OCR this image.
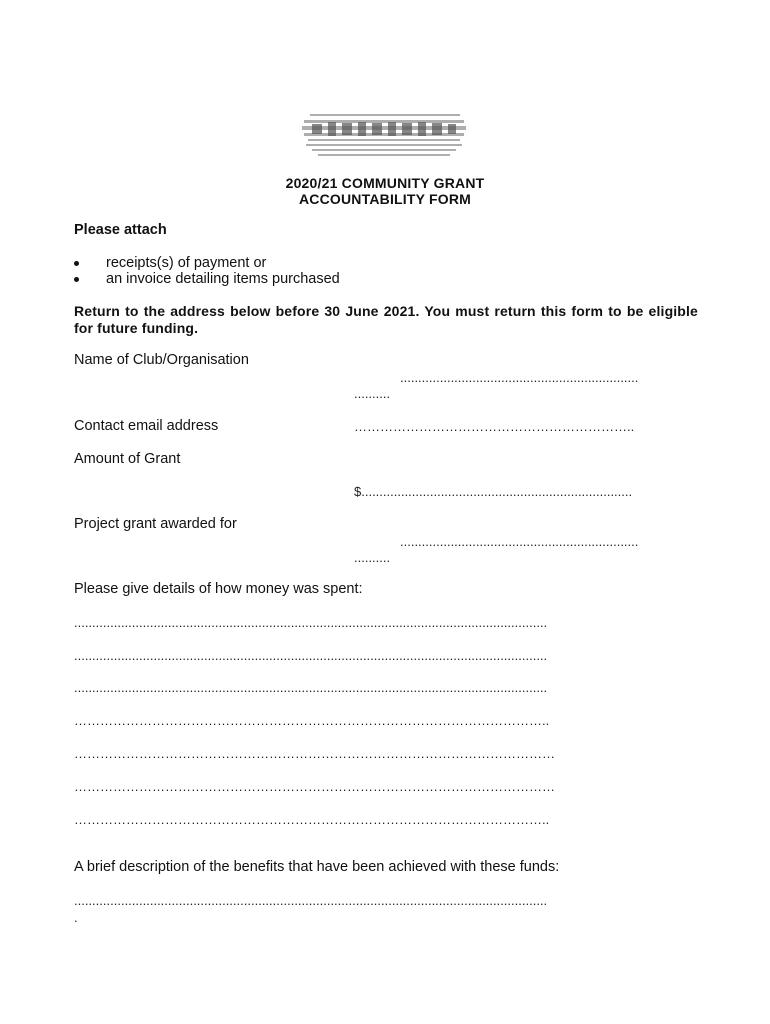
2020/21 COMMUNITY GRANT
ACCOUNTABILITY FORM
Please attach
receipts(s) of payment or
an invoice detailing items purchased
Return to the address below before 30 June 2021. You must return this form to be eligible for future funding.
Name of Club/Organisation
..................................................................
..........
Contact email address	………………………………………………………..
Amount of Grant
$...........................................................................
Project grant awarded for
..................................................................
..........
Please give details of how money was spent:
...................................................................................................................................
...................................................................................................................................
...................................................................................................................................
………………………………………………………………………………………………..
…………………………………………………………………………………………………
…………………………………………………………………………………………………
………………………………………………………………………………………………..
A brief description of the benefits that have been achieved with these funds:
...................................................................................................................................
.
